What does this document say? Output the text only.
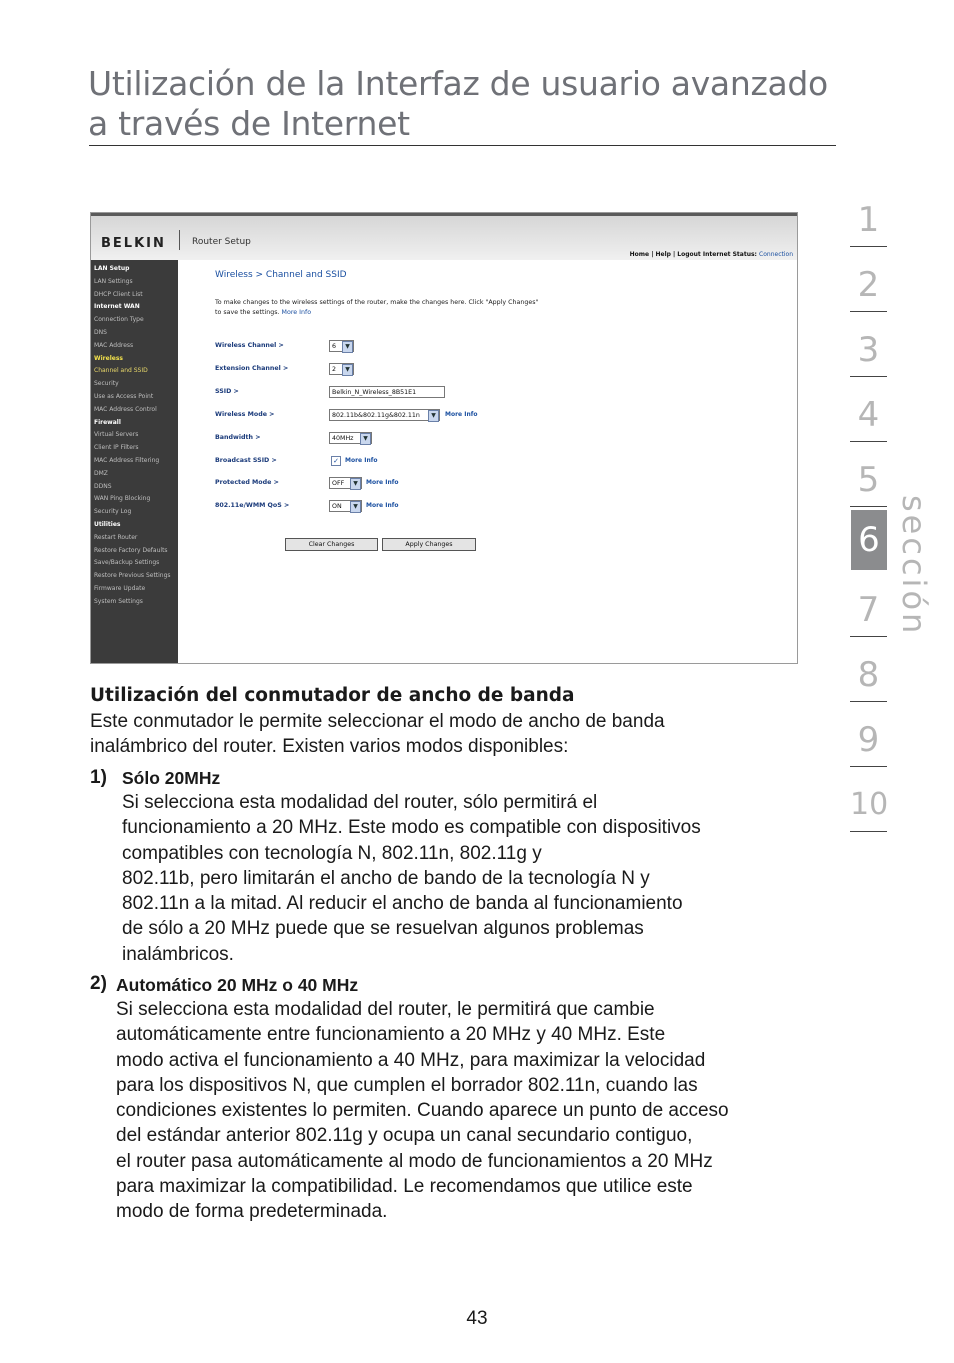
Utilización de la Interfaz de usuario avanzado a través de Internet
1
2
3
4
5
6
7
8
9
10
sección
BELKIN	Router Setup
Home | Help | Logout Internet Status: Connection
LAN Setup
LAN Settings
DHCP Client List
Internet WAN
Connection Type
DNS
MAC Address
Wireless
Channel and SSID
Security
Use as Access Point
MAC Address Control
Firewall
Virtual Servers
Client IP Filters
MAC Address Filtering
DMZ
DDNS
WAN Ping Blocking
Security Log
Utilities
Restart Router
Restore Factory Defaults
Save/Backup Settings
Restore Previous Settings
Firmware Update
System Settings
Wireless > Channel and SSID
To make changes to the wireless settings of the router, make the changes here. Click "Apply Changes" to save the settings. More Info
Wireless Channel >	6	▼
Extension Channel >	2	▼
SSID >	Belkin_N_Wireless_8B51E1
Wireless Mode >	802.11b&802.11g&802.11n	▼	More Info
Bandwidth >	40MHz	▼
Broadcast SSID >	✓	More Info
Protected Mode >	OFF	▼	More Info
802.11e/WMM QoS >	ON	▼	More Info
Clear Changes	Apply Changes
Utilización del conmutador de ancho de banda

Este conmutador le permite seleccionar el modo de ancho de banda
inalámbrico del router. Existen varios modos disponibles:

1) Sólo 20MHz

Si selecciona esta modalidad del router, sólo permitirá el
funcionamiento a 20 MHz. Este modo es compatible con dispositivos
compatibles con tecnología N, 802.11n, 802.11g y
802.11b, pero limitarán el ancho de bando de la tecnología N y
802.11n a la mitad. Al reducir el ancho de banda al funcionamiento
de sólo a 20 MHz puede que se resuelvan algunos problemas
inalámbricos.

2) Automático 20 MHz o 40 MHz

Si selecciona esta modalidad del router, le permitirá que cambie
automáticamente entre funcionamiento a 20 MHz y 40 MHz. Este
modo activa el funcionamiento a 40 MHz, para maximizar la velocidad
para los dispositivos N, que cumplen el borrador 802.11n, cuando las
condiciones existentes lo permiten. Cuando aparece un punto de acceso
del estándar anterior 802.11g y ocupa un canal secundario contiguo,
el router pasa automáticamente al modo de funcionamientos a 20 MHz
para maximizar la compatibilidad. Le recomendamos que utilice este
modo de forma predeterminada.

43
